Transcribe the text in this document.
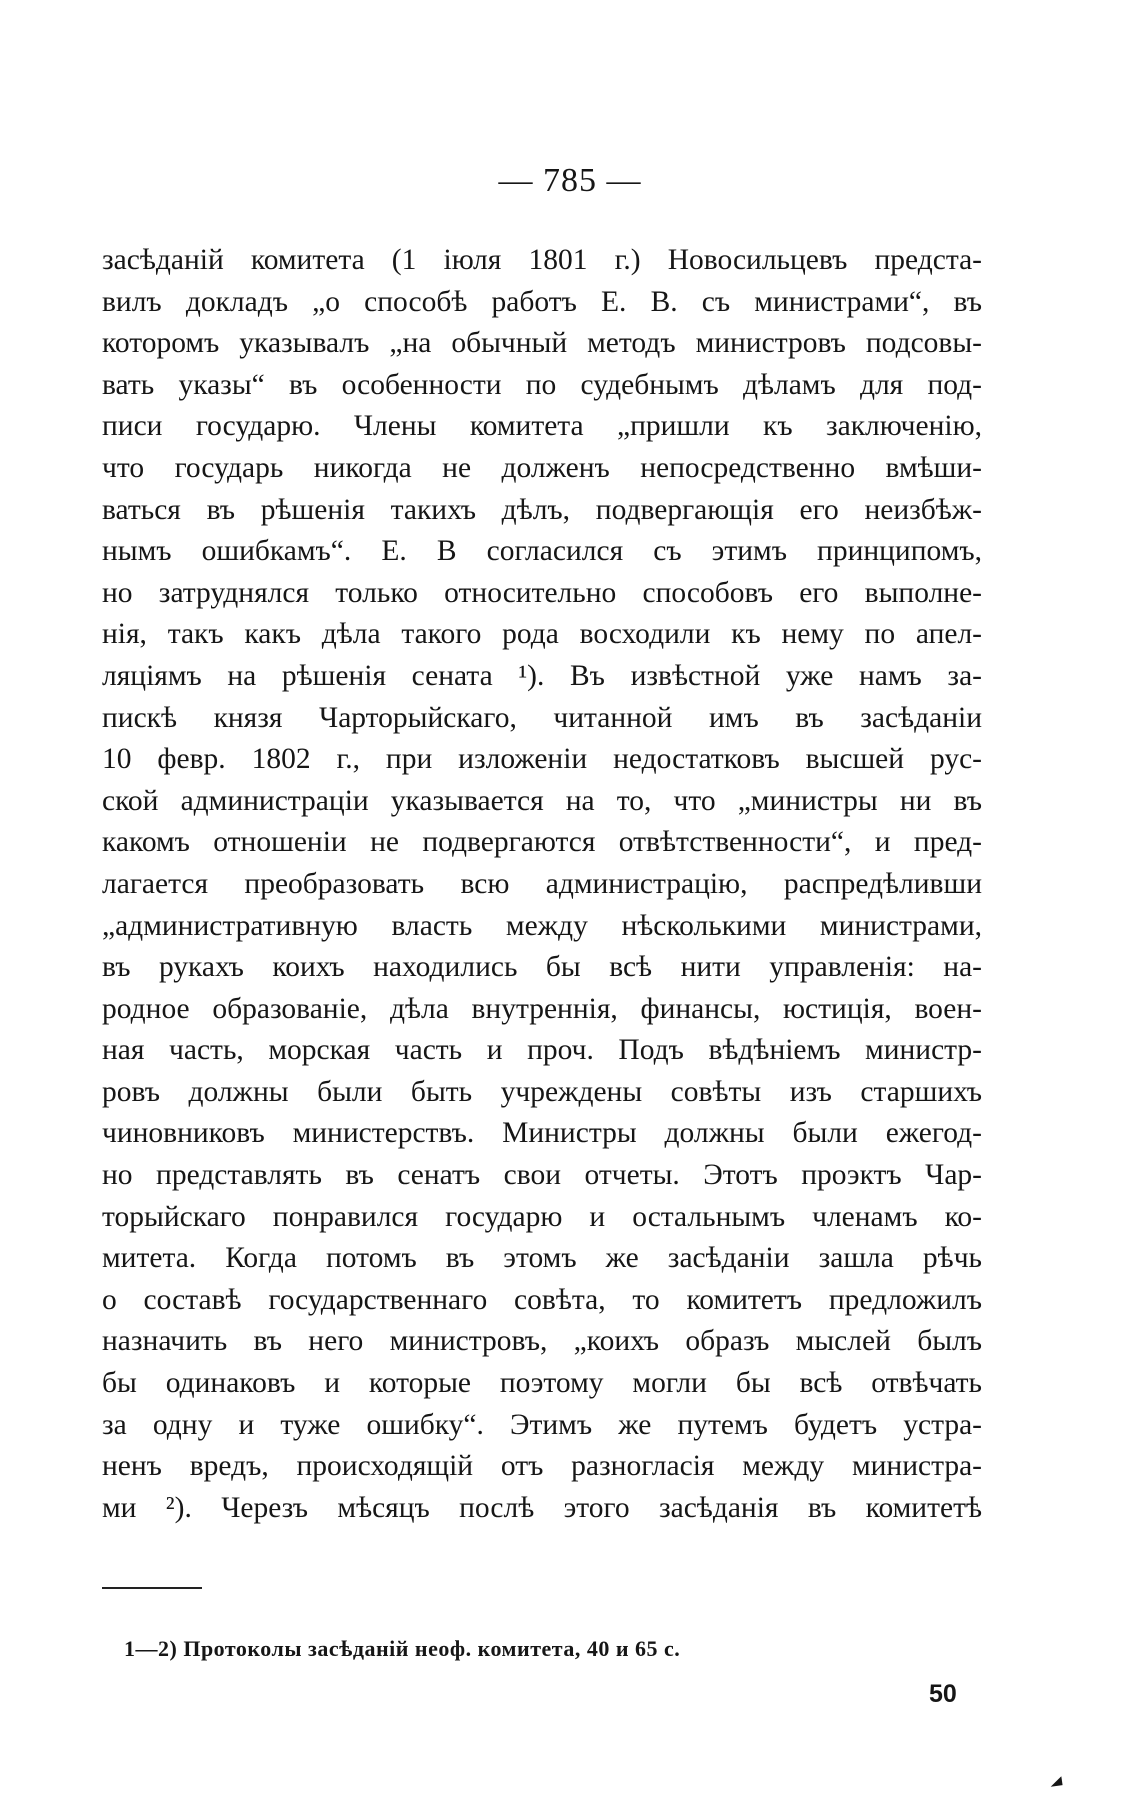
— 785 —
засѣданій комитета (1 іюля 1801 г.) Новосильцевъ предста-
вилъ докладъ „о способѣ работъ Е. В. съ министрами“, въ
которомъ указывалъ „на обычный методъ министровъ подсовы-
вать указы“ въ особенности по судебнымъ дѣламъ для под-
писи государю. Члены комитета „пришли къ заключенію,
что государь никогда не долженъ непосредственно вмѣши-
ваться въ рѣшенія такихъ дѣлъ, подвергающія его неизбѣж-
нымъ ошибкамъ“. Е. В согласился съ этимъ принципомъ,
но затруднялся только относительно способовъ его выполне-
нія, такъ какъ дѣла такого рода восходили къ нему по апел-
ляціямъ на рѣшенія сената ¹). Въ извѣстной уже намъ за-
пискѣ князя Чарторыйскаго, читанной имъ въ засѣданіи
10 февр. 1802 г., при изложеніи недостатковъ высшей рус-
ской администраціи указывается на то, что „министры ни въ
какомъ отношеніи не подвергаются отвѣтственности“, и пред-
лагается преобразовать всю администрацію, распредѣливши
„административную власть между нѣсколькими министрами,
въ рукахъ коихъ находились бы всѣ нити управленія: на-
родное образованіе, дѣла внутреннія, финансы, юстиція, воен-
ная часть, морская часть и проч. Подъ вѣдѣніемъ министр-
ровъ должны были быть учреждены совѣты изъ старшихъ
чиновниковъ министерствъ. Министры должны были ежегод-
но представлять въ сенатъ свои отчеты. Этотъ проэктъ Чар-
торыйскаго понравился государю и остальнымъ членамъ ко-
митета. Когда потомъ въ этомъ же засѣданіи зашла рѣчь
о составѣ государственнаго совѣта, то комитетъ предложилъ
назначить въ него министровъ, „коихъ образъ мыслей былъ
бы одинаковъ и которые поэтому могли бы всѣ отвѣчать
за одну и туже ошибку“. Этимъ же путемъ будетъ устра-
ненъ вредъ, происходящій отъ разногласія между министра-
ми ²). Черезъ мѣсяцъ послѣ этого засѣданія въ комитетѣ
1—2) Протоколы засѣданій неоф. комитета, 40 и 65 с.
50
